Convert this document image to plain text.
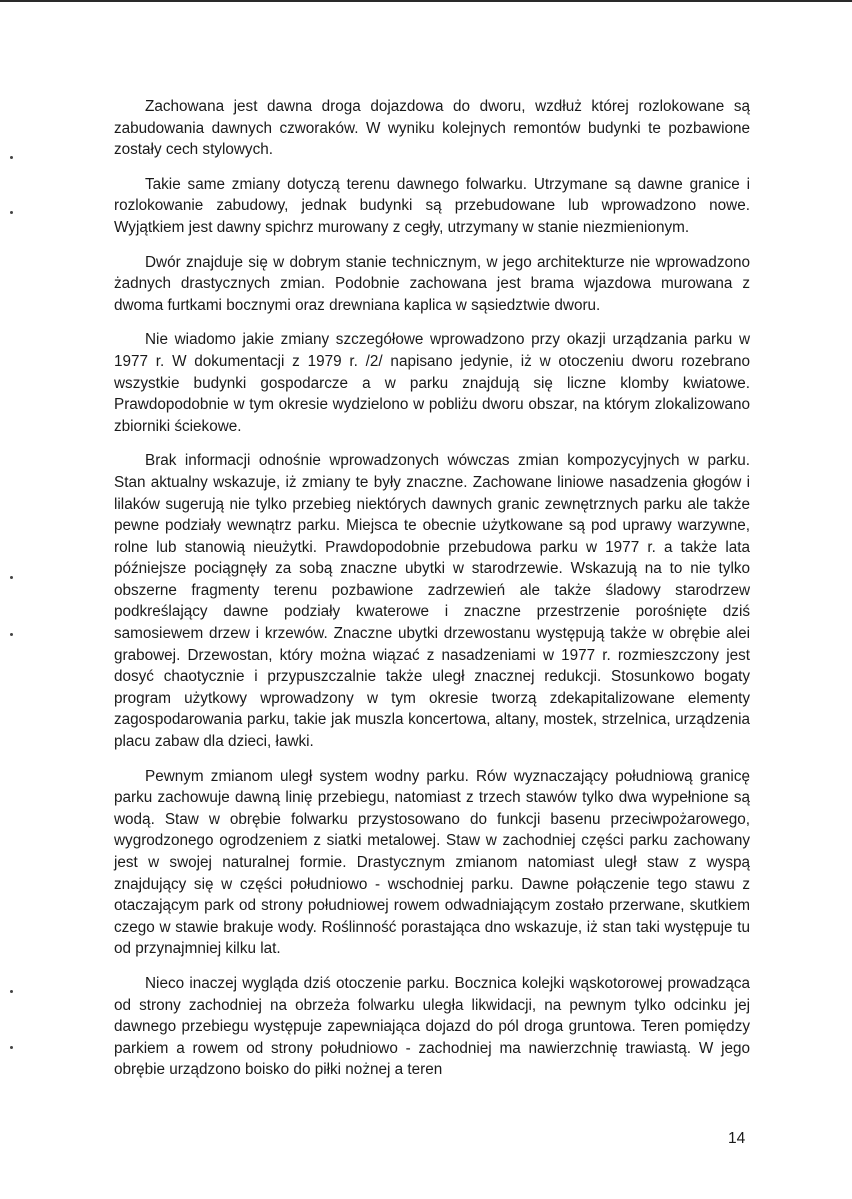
Zachowana jest dawna droga dojazdowa do dworu, wzdłuż której rozlokowane są zabudowania dawnych czworaków. W wyniku kolejnych remontów budynki te pozbawione zostały cech stylowych.

Takie same zmiany dotyczą terenu dawnego folwarku. Utrzymane są dawne granice i rozlokowanie zabudowy, jednak budynki są przebudowane lub wprowadzono nowe. Wyjątkiem jest dawny spichrz murowany z cegły, utrzymany w stanie niezmienionym.

Dwór znajduje się w dobrym stanie technicznym, w jego architekturze nie wprowadzono żadnych drastycznych zmian. Podobnie zachowana jest brama wjazdowa murowana z dwoma furtkami bocznymi oraz drewniana kaplica w sąsiedztwie dworu.

Nie wiadomo jakie zmiany szczegółowe wprowadzono przy okazji urządzania parku w 1977 r. W dokumentacji z 1979 r. /2/ napisano jedynie, iż w otoczeniu dworu rozebrano wszystkie budynki gospodarcze a w parku znajdują się liczne klomby kwiatowe. Prawdopodobnie w tym okresie wydzielono w pobliżu dworu obszar, na którym zlokalizowano zbiorniki ściekowe.

Brak informacji odnośnie wprowadzonych wówczas zmian kompozycyjnych w parku. Stan aktualny wskazuje, iż zmiany te były znaczne. Zachowane liniowe nasadzenia głogów i lilaków sugerują nie tylko przebieg niektórych dawnych granic zewnętrznych parku ale także pewne podziały wewnątrz parku. Miejsca te obecnie użytkowane są pod uprawy warzywne, rolne lub stanowią nieużytki. Prawdopodobnie przebudowa parku w 1977 r. a także lata późniejsze pociągnęły za sobą znaczne ubytki w starodrzewie. Wskazują na to nie tylko obszerne fragmenty terenu pozbawione zadrzewień ale także śladowy starodrzew podkreślający dawne podziały kwaterowe i znaczne przestrzenie porośnięte dziś samosiewem drzew i krzewów. Znaczne ubytki drzewostanu występują także w obrębie alei grabowej. Drzewostan, który można wiązać z nasadzeniami w 1977 r. rozmieszczony jest dosyć chaotycznie i przypuszczalnie także uległ znacznej redukcji. Stosunkowo bogaty program użytkowy wprowadzony w tym okresie tworzą zdekapitalizowane elementy zagospodarowania parku, takie jak muszla koncertowa, altany, mostek, strzelnica, urządzenia placu zabaw dla dzieci, ławki.

Pewnym zmianom uległ system wodny parku. Rów wyznaczający południową granicę parku zachowuje dawną linię przebiegu, natomiast z trzech stawów tylko dwa wypełnione są wodą. Staw w obrębie folwarku przystosowano do funkcji basenu przeciwpożarowego, wygrodzonego ogrodzeniem z siatki metalowej. Staw w zachodniej części parku zachowany jest w swojej naturalnej formie. Drastycznym zmianom natomiast uległ staw z wyspą znajdujący się w części południowo - wschodniej parku. Dawne połączenie tego stawu z otaczającym park od strony południowej rowem odwadniającym zostało przerwane, skutkiem czego w stawie brakuje wody. Roślinność porastająca dno wskazuje, iż stan taki występuje tu od przynajmniej kilku lat.

Nieco inaczej wygląda dziś otoczenie parku. Bocznica kolejki wąskotorowej prowadząca od strony zachodniej na obrzeża folwarku uległa likwidacji, na pewnym tylko odcinku jej dawnego przebiegu występuje zapewniająca dojazd do pól droga gruntowa. Teren pomiędzy parkiem a rowem od strony południowo - zachodniej ma nawierzchnię trawiastą. W jego obrębie urządzono boisko do piłki nożnej a teren

14
